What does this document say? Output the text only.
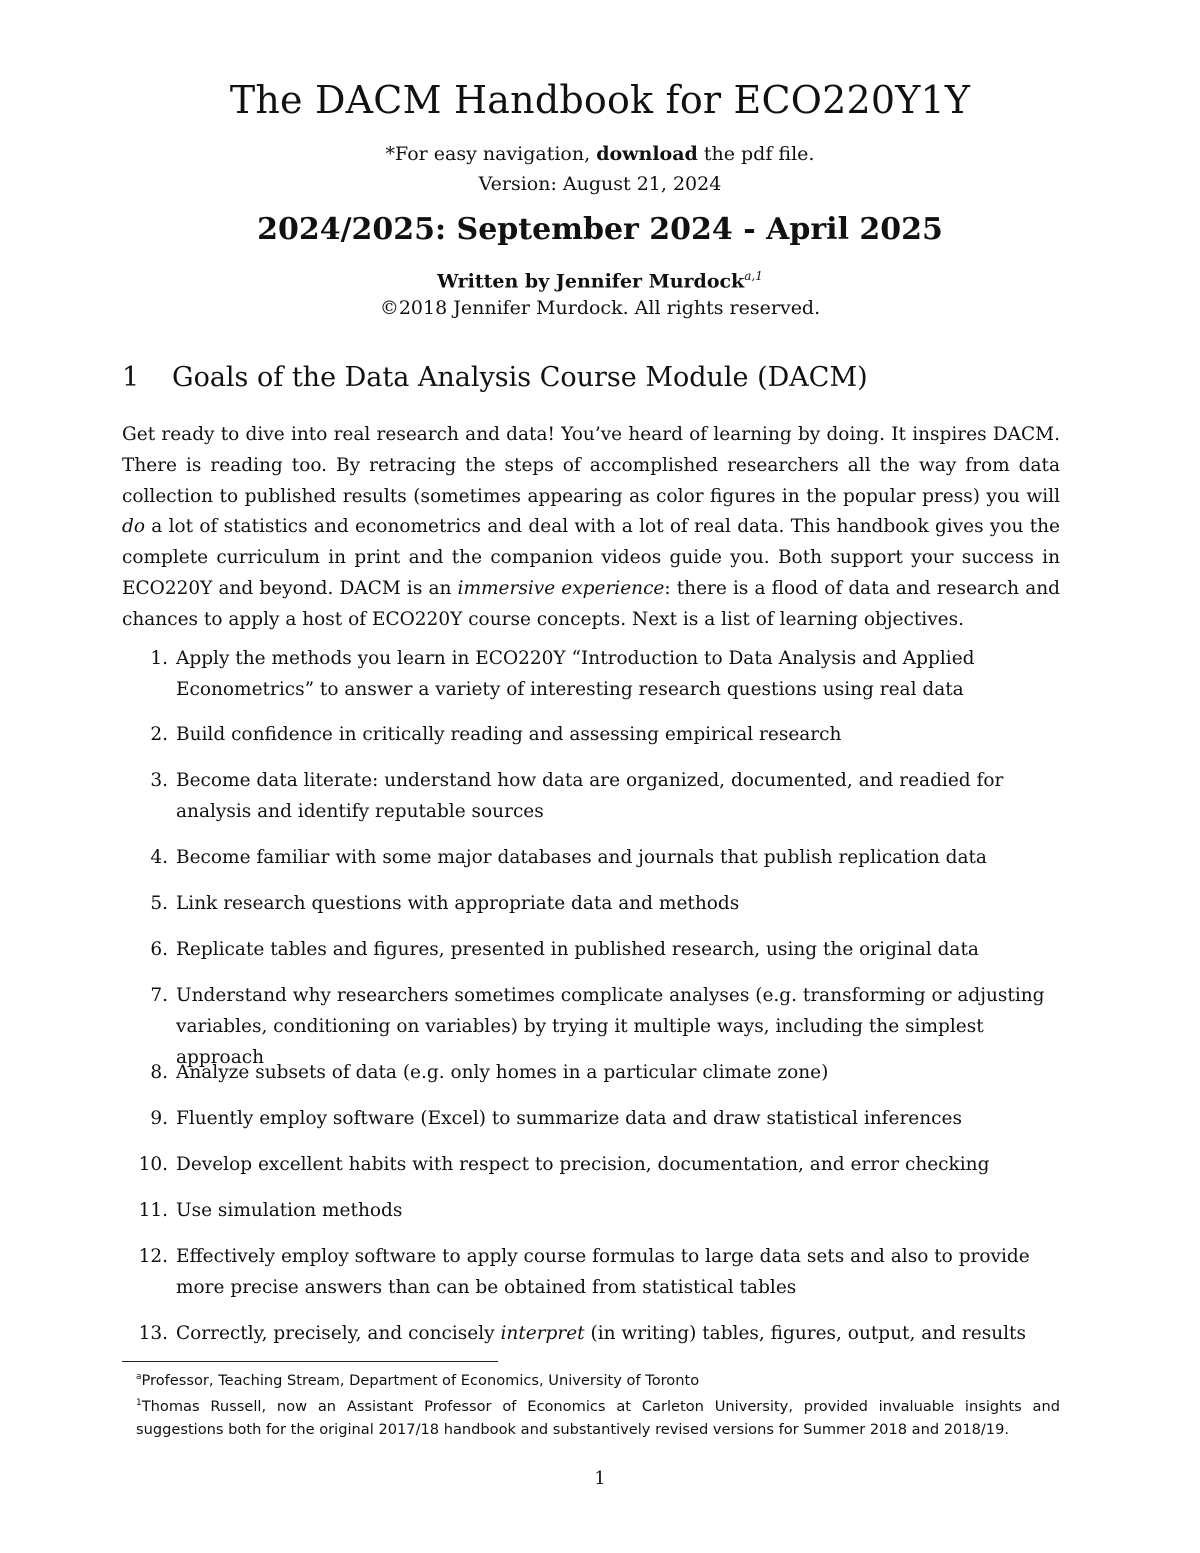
The DACM Handbook for ECO220Y1Y
*For easy navigation, download the pdf file.
Version: August 21, 2024
2024/2025: September 2024 - April 2025
Written by Jennifer Murdock$^{a,1}$
©2018 Jennifer Murdock. All rights reserved.
1 Goals of the Data Analysis Course Module (DACM)
Get ready to dive into real research and data! You’ve heard of learning by doing. It inspires DACM. There is reading too. By retracing the steps of accomplished researchers all the way from data collection to published results (sometimes appearing as color figures in the popular press) you will do a lot of statistics and econometrics and deal with a lot of real data. This handbook gives you the complete curriculum in print and the companion videos guide you. Both support your success in ECO220Y and beyond. DACM is an immersive experience: there is a flood of data and research and chances to apply a host of ECO220Y course concepts. Next is a list of learning objectives.
1. Apply the methods you learn in ECO220Y “Introduction to Data Analysis and Applied Econometrics” to answer a variety of interesting research questions using real data
2. Build confidence in critically reading and assessing empirical research
3. Become data literate: understand how data are organized, documented, and readied for analysis and identify reputable sources
4. Become familiar with some major databases and journals that publish replication data
5. Link research questions with appropriate data and methods
6. Replicate tables and figures, presented in published research, using the original data
7. Understand why researchers sometimes complicate analyses (e.g. transforming or adjusting variables, conditioning on variables) by trying it multiple ways, including the simplest approach
8. Analyze subsets of data (e.g. only homes in a particular climate zone)
9. Fluently employ software (Excel) to summarize data and draw statistical inferences
10. Develop excellent habits with respect to precision, documentation, and error checking
11. Use simulation methods
12. Effectively employ software to apply course formulas to large data sets and also to provide more precise answers than can be obtained from statistical tables
13. Correctly, precisely, and concisely interpret (in writing) tables, figures, output, and results
$^a$Professor, Teaching Stream, Department of Economics, University of Toronto
$^1$Thomas Russell, now an Assistant Professor of Economics at Carleton University, provided invaluable insights and suggestions both for the original 2017/18 handbook and substantively revised versions for Summer 2018 and 2018/19.
1
